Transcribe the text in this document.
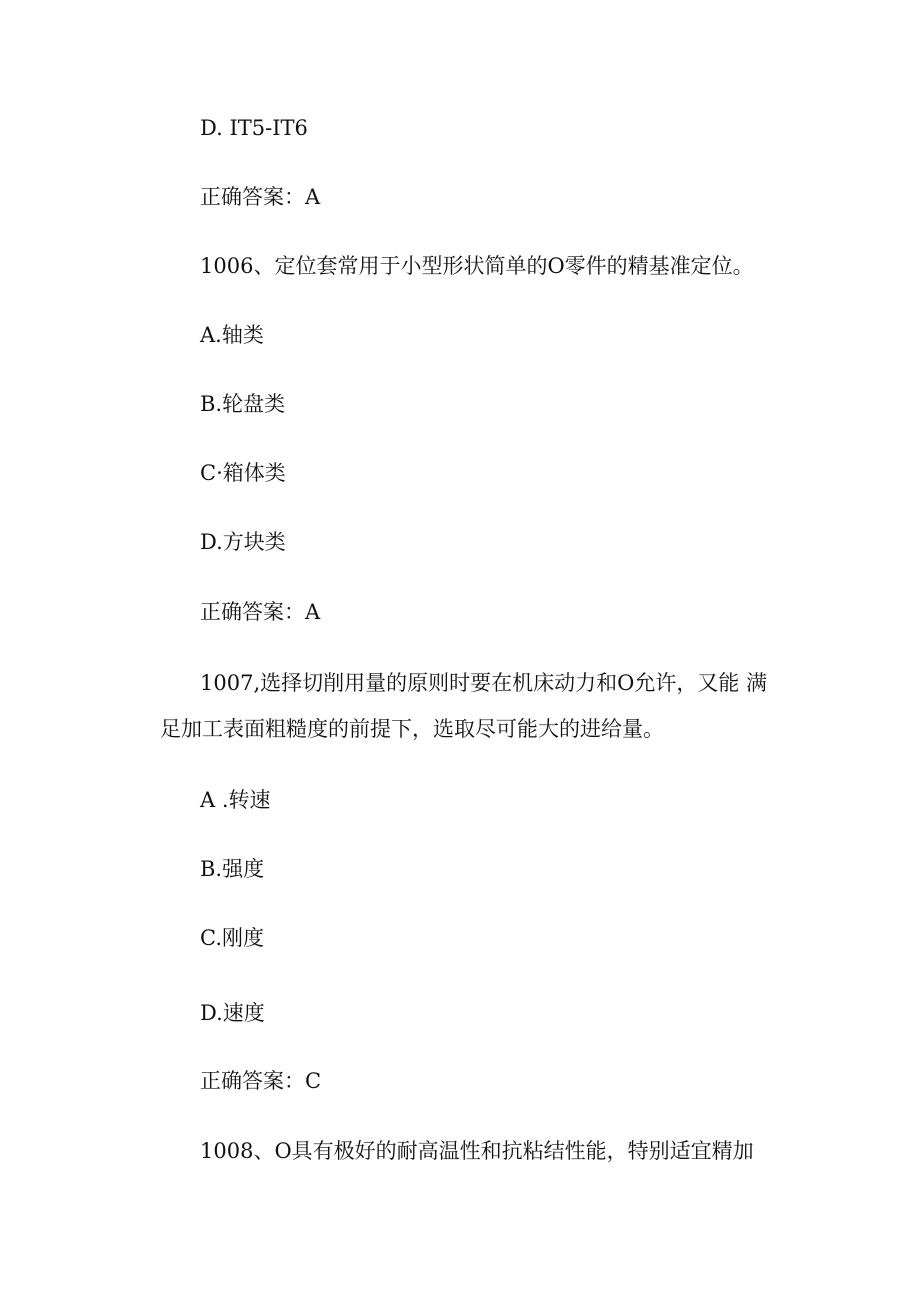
D. IT5-IT6

正确答案：A

1006、定位套常用于小型形状简单的O零件的精基准定位。

A.轴类

B.轮盘类

C·箱体类

D.方块类

正确答案：A

1007,选择切削用量的原则时要在机床动力和O允许，又能 满

足加工表面粗糙度的前提下，选取尽可能大的进给量。

A .转速

B.强度

C.刚度

D.速度

正确答案：C

1008、O具有极好的耐高温性和抗粘结性能，特别适宜精加
